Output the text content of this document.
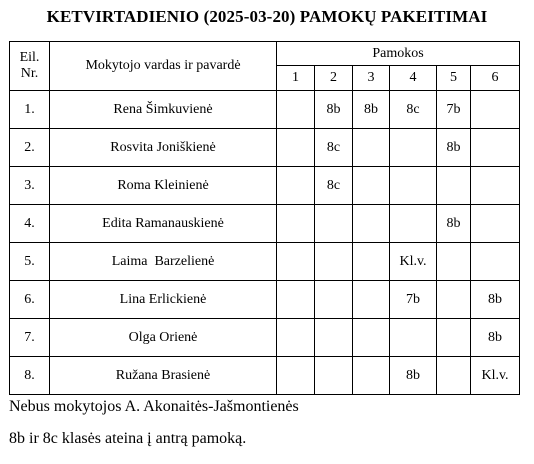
KETVIRTADIENIO (2025-03-20) PAMOKŲ PAKEITIMAI
Eil.
Nr.	Mokytojo vardas ir pavardė	Pamokos					
		1	2	3	4	5	6
1.	Rena Šimkuvienė		8b	8b	8c	7b	
2.	Rosvita Joniškienė		8c			8b	
3.	Roma Kleinienė		8c				
4.	Edita Ramanauskienė					8b	
5.	Laima  Barzelienė				Kl.v.		
6.	Lina Erlickienė				7b		8b
7.	Olga Orienė						8b
8.	Ružana Brasienė				8b		Kl.v.
Nebus mokytojos A. Akonaitės-Jašmontienės
8b ir 8c klasės ateina į antrą pamoką.
